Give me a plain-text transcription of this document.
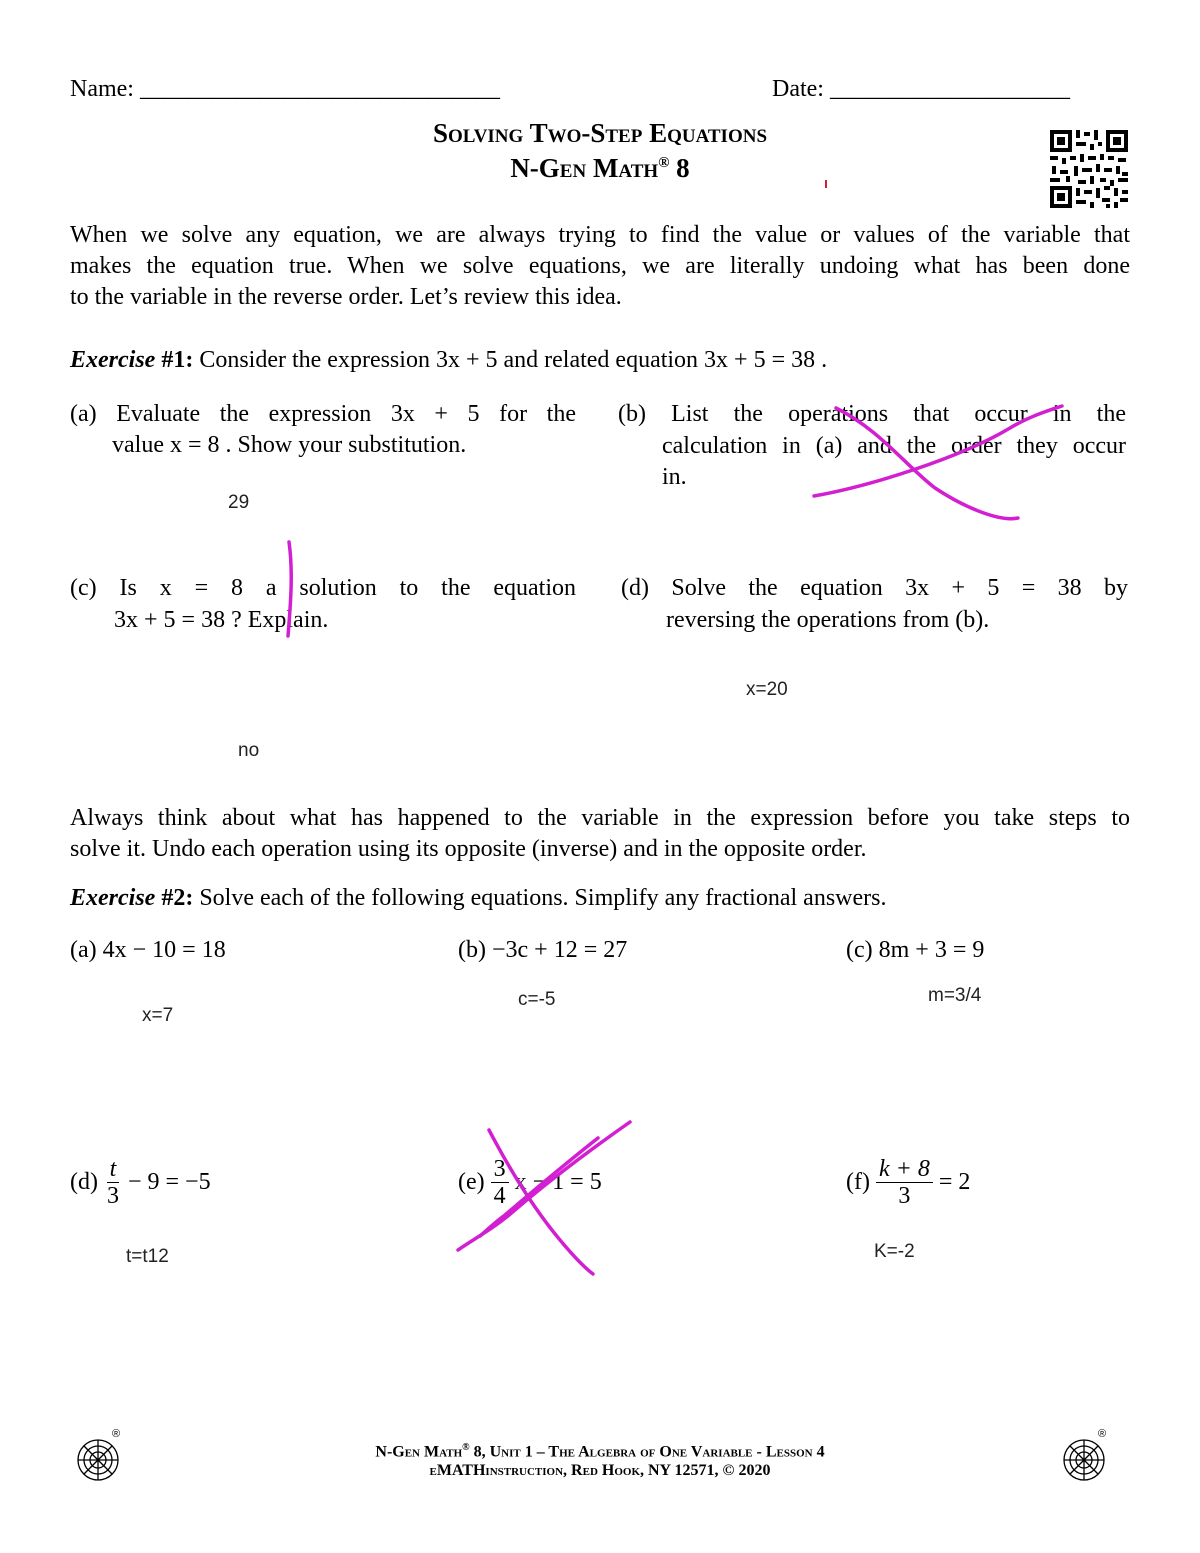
Name: ______________________________	Date: ____________________
Solving Two-Step Equations
N-Gen Math® 8
When we solve any equation, we are always trying to find the value or values of the variable that
makes the equation true. When we solve equations, we are literally undoing what has been done
to the variable in the reverse order. Let’s review this idea.
Exercise #1: Consider the expression 3x + 5 and related equation 3x + 5 = 38 .
(a) Evaluate the expression 3x + 5 for the
value x = 8 . Show your substitution.
29
(b) List the operations that occur in the
calculation in (a) and the order they occur
in.
(c) Is x = 8 a solution to the equation
3x + 5 = 38 ? Explain.
no
(d) Solve the equation 3x + 5 = 38 by
reversing the operations from (b).
x=20
Always think about what has happened to the variable in the expression before you take steps to
solve it. Undo each operation using its opposite (inverse) and in the opposite order.
Exercise #2: Solve each of the following equations. Simplify any fractional answers.
(a) 4x − 10 = 18
x=7
(b) −3c + 12 = 27
c=-5
(c) 8m + 3 = 9
m=3/4
$(d) \frac{t}{3} - 9 = -5$
t=t12
$(e) \frac{3}{4}$ x − 1 = 5	$(f) \frac{k + 8}{3} = 2$
K=-2
®	®
N-Gen Math® 8, Unit 1 – The Algebra of One Variable - Lesson 4
eMATHinstruction, Red Hook, NY 12571, © 2020
